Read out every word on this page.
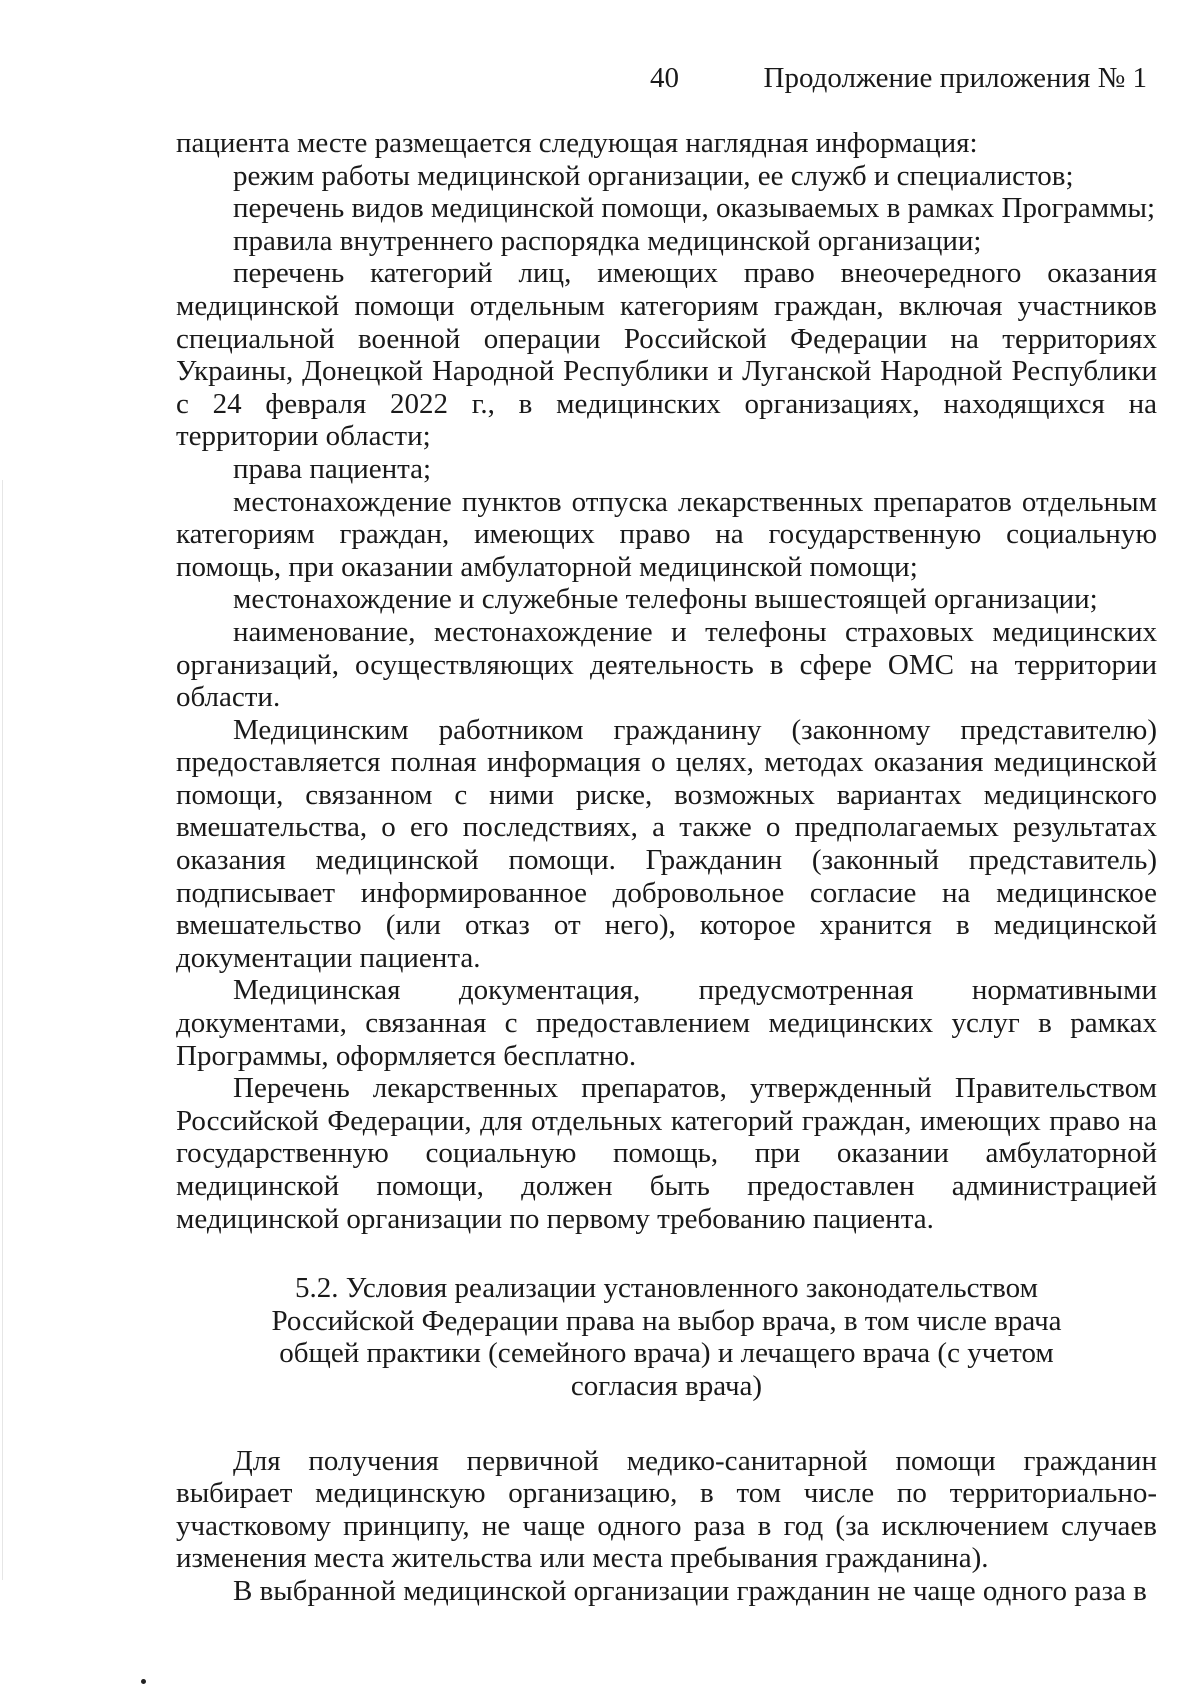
40	Продолжение приложения № 1

пациента месте размещается следующая наглядная информация:

режим работы медицинской организации, ее служб и специалистов;

перечень видов медицинской помощи, оказываемых в рамках Программы;

правила внутреннего распорядка медицинской организации;

перечень категорий лиц, имеющих право внеочередного оказания медицинской помощи отдельным категориям граждан, включая участников специальной военной операции Российской Федерации на территориях Украины, Донецкой Народной Республики и Луганской Народной Республики с 24 февраля 2022 г., в медицинских организациях, находящихся на территории области;

права пациента;

местонахождение пунктов отпуска лекарственных препаратов отдельным категориям граждан, имеющих право на государственную социальную помощь, при оказании амбулаторной медицинской помощи;

местонахождение и служебные телефоны вышестоящей организации;

наименование, местонахождение и телефоны страховых медицинских организаций, осуществляющих деятельность в сфере ОМС на территории области.

Медицинским работником гражданину (законному представителю) предоставляется полная информация о целях, методах оказания медицинской помощи, связанном с ними риске, возможных вариантах медицинского вмешательства, о его последствиях, а также о предполагаемых результатах оказания медицинской помощи. Гражданин (законный представитель) подписывает информированное добровольное согласие на медицинское вмешательство (или отказ от него), которое хранится в медицинской документации пациента.

Медицинская документация, предусмотренная нормативными документами, связанная с предоставлением медицинских услуг в рамках Программы, оформляется бесплатно.

Перечень лекарственных препаратов, утвержденный Правительством Российской Федерации, для отдельных категорий граждан, имеющих право на государственную социальную помощь, при оказании амбулаторной медицинской помощи, должен быть предоставлен администрацией медицинской организации по первому требованию пациента.

5.2. Условия реализации установленного законодательством Российской Федерации права на выбор врача, в том числе врача общей практики (семейного врача) и лечащего врача (с учетом согласия врача)

Для получения первичной медико-санитарной помощи гражданин выбирает медицинскую организацию, в том числе по территориально-участковому принципу, не чаще одного раза в год (за исключением случаев изменения места жительства или места пребывания гражданина).

В выбранной медицинской организации гражданин не чаще одного раза в
